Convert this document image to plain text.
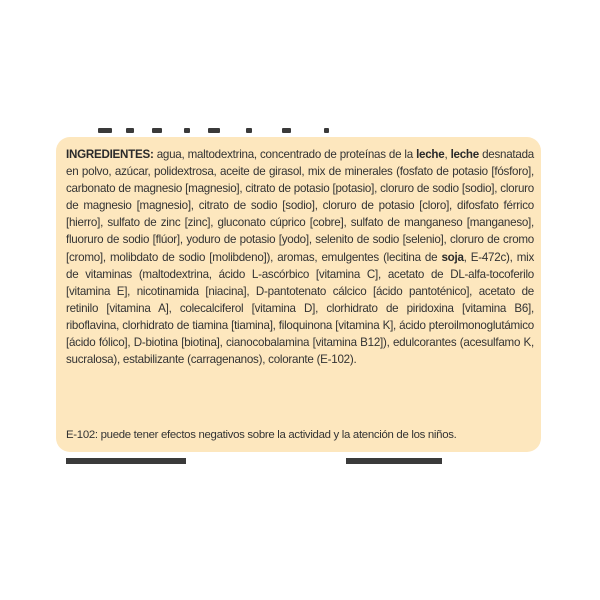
INGREDIENTES: agua, maltodextrina, concentrado de proteínas de la leche, leche desnatada en polvo, azúcar, polidextrosa, aceite de girasol, mix de minerales (fosfato de potasio [fósforo], carbonato de magnesio [magnesio], citrato de potasio [potasio], cloruro de sodio [sodio], cloruro de magnesio [magnesio], citrato de sodio [sodio], cloruro de potasio [cloro], difosfato férrico [hierro], sulfato de zinc [zinc], gluconato cúprico [cobre], sulfato de manganeso [manganeso], fluoruro de sodio [flúor], yoduro de potasio [yodo], selenito de sodio [selenio], cloruro de cromo [cromo], molibdato de sodio [molibdeno]), aromas, emulgentes (lecitina de soja, E-472c), mix de vitaminas (maltodextrina, ácido L-ascórbico [vitamina C], acetato de DL-alfa-tocoferilo [vitamina E], nicotinamida [niacina], D-pantotenato cálcico [ácido pantoténico], acetato de retinilo [vitamina A], colecalciferol [vitamina D], clorhidrato de piridoxina [vitamina B6], riboflavina, clorhidrato de tiamina [tiamina], filoquinona [vitamina K], ácido pteroilmonoglutámico [ácido fólico], D-biotina [biotina], cianocobalamina [vitamina B12]), edulcorantes (acesulfamo K, sucralosa), estabilizante (carragenanos), colorante (E-102).

E-102: puede tener efectos negativos sobre la actividad y la atención de los niños.
